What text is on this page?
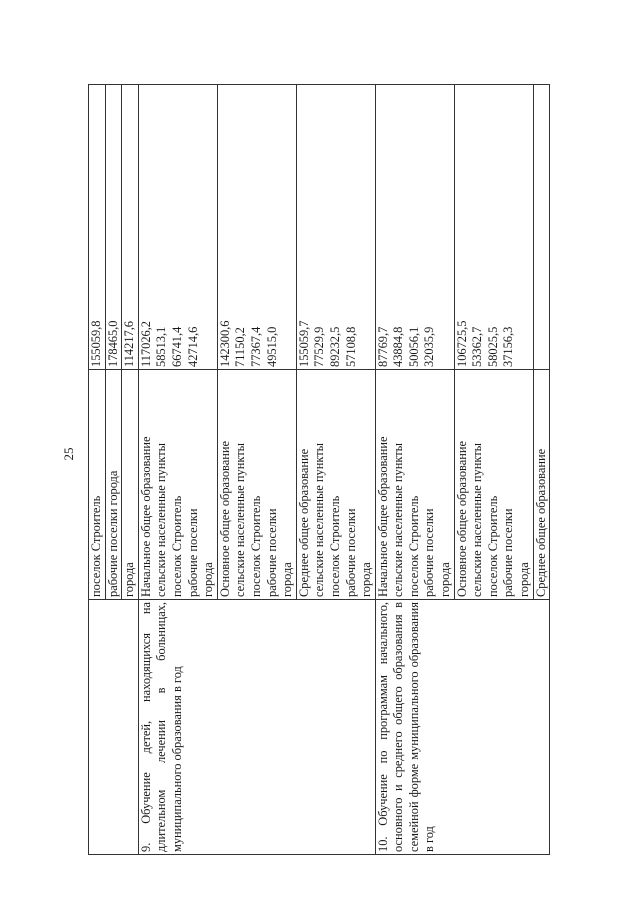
25
	поселок Строитель	155059,8
	рабочие поселки города	178465,0
	города	114217,6
9. Обучение детей, находящихся на длительном лечении в больницах, муниципального образования в год	Начальное общее образование сельские населенные пункты поселок Строитель рабочие поселки города	117026,2 58513,1 66741,4 42714,6

	Основное общее образование сельские населенные пункты поселок Строитель рабочие поселки города	142300,6 71150,2 77367,4 49515,0

	Среднее общее образование сельские населенные пункты поселок Строитель рабочие поселки города	155059,7 77529,9 89232,5 57108,8

10. Обучение по программам начального, основного и среднего общего образования в семейной форме муниципального образования в год	Начальное общее образование сельские населенные пункты поселок Строитель рабочие поселки города	87769,7 43884,8 50056,1 32035,9

	Основное общее образование сельские населенные пункты поселок Строитель рабочие поселки города	106725,5 53362,7 58025,5 37156,3

	Среднее общее образование	
